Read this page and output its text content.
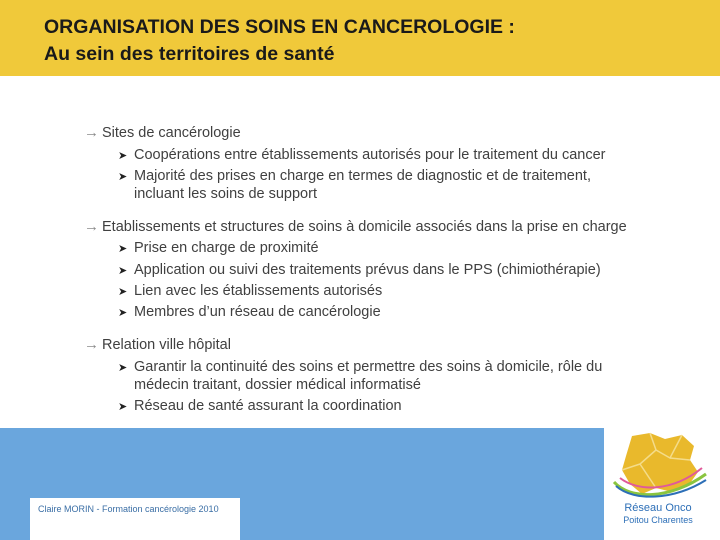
ORGANISATION DES SOINS EN CANCEROLOGIE :
Au sein des territoires de santé
→ Sites de cancérologie
➤ Coopérations entre établissements autorisés pour le traitement du cancer
➤ Majorité des prises en charge en termes de diagnostic et de traitement,
incluant les soins de support
→ Etablissements et structures de soins à domicile associés dans la prise en charge
➤ Prise en charge de proximité
➤ Application ou suivi des traitements prévus dans le PPS (chimiothérapie)
➤ Lien avec les établissements autorisés
➤ Membres d’un réseau de cancérologie
→ Relation ville hôpital
➤ Garantir la continuité des soins et permettre des soins à domicile, rôle du
médecin traitant, dossier médical informatisé
➤ Réseau de santé assurant la coordination
Claire MORIN - Formation cancérologie 2010	Réseau Onco
Poitou Charentes
